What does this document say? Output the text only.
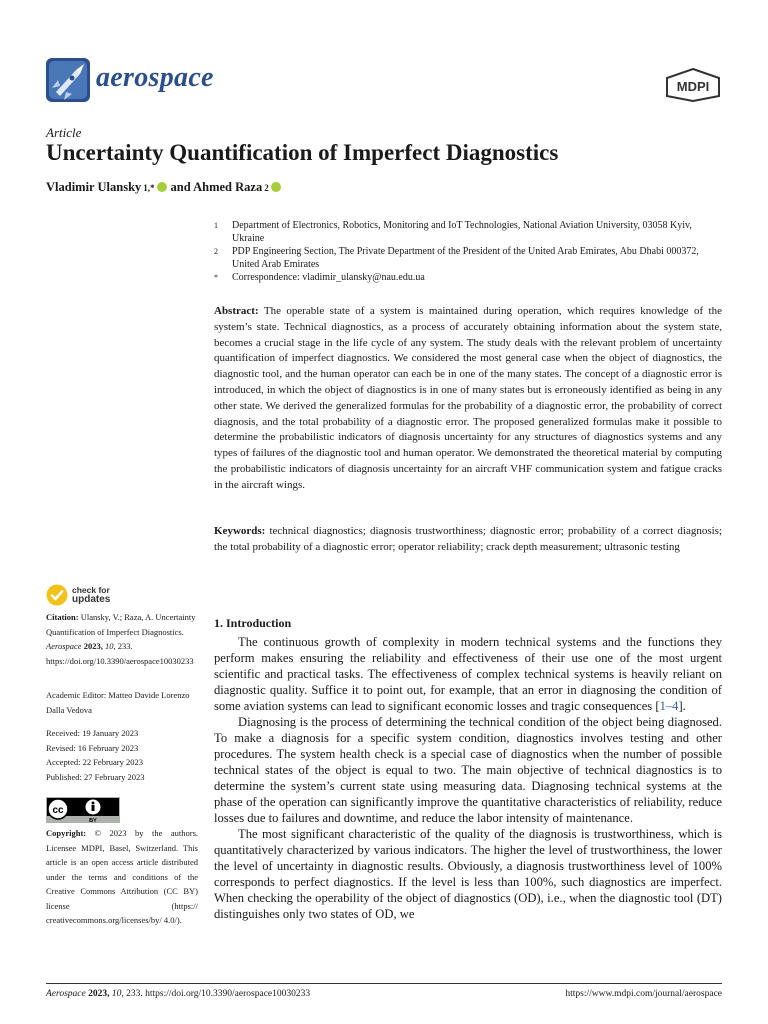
aerospace	MDPI
Article
Uncertainty Quantification of Imperfect Diagnostics
Vladimir Ulansky 1,* and Ahmed Raza 2
1	Department of Electronics, Robotics, Monitoring and IoT Technologies, National Aviation University, 03058 Kyiv, Ukraine
2	PDP Engineering Section, The Private Department of the President of the United Arab Emirates, Abu Dhabi 000372, United Arab Emirates
*	Correspondence: vladimir_ulansky@nau.edu.ua

Abstract: The operable state of a system is maintained during operation, which requires knowledge of the system’s state. Technical diagnostics, as a process of accurately obtaining information about the system state, becomes a crucial stage in the life cycle of any system. The study deals with the relevant problem of uncertainty quantification of imperfect diagnostics. We considered the most general case when the object of diagnostics, the diagnostic tool, and the human operator can each be in one of the many states. The concept of a diagnostic error is introduced, in which the object of diagnostics is in one of many states but is erroneously identified as being in any other state. We derived the generalized formulas for the probability of a diagnostic error, the probability of correct diagnosis, and the total probability of a diagnostic error. The proposed generalized formulas make it possible to determine the probabilistic indicators of diagnosis uncertainty for any structures of diagnostics systems and any types of failures of the diagnostic tool and human operator. We demonstrated the theoretical material by computing the probabilistic indicators of diagnosis uncertainty for an aircraft VHF communication system and fatigue cracks in the aircraft wings.

Keywords: technical diagnostics; diagnosis trustworthiness; diagnostic error; probability of a correct diagnosis; the total probability of a diagnostic error; operator reliability; crack depth measurement; ultrasonic testing

check for
updates
Citation: Ulansky, V.; Raza, A. Uncertainty Quantification of Imperfect Diagnostics. Aerospace 2023, 10, 233. https://doi.org/10.3390/aerospace10030233
Academic Editor: Matteo Davide Lorenzo Dalla Vedova
Received: 19 January 2023
Revised: 16 February 2023
Accepted: 22 February 2023
Published: 27 February 2023
cc
BY
Copyright: © 2023 by the authors. Licensee MDPI, Basel, Switzerland. This article is an open access article distributed under the terms and conditions of the Creative Commons Attribution (CC BY) license (https:// creativecommons.org/licenses/by/ 4.0/).
1. Introduction

The continuous growth of complexity in modern technical systems and the functions they perform makes ensuring the reliability and effectiveness of their use one of the most urgent scientific and practical tasks. The effectiveness of complex technical systems is heavily reliant on diagnostic quality. Suffice it to point out, for example, that an error in diagnosing the condition of some aviation systems can lead to significant economic losses and tragic consequences [1–4].

Diagnosing is the process of determining the technical condition of the object being diagnosed. To make a diagnosis for a specific system condition, diagnostics involves testing and other procedures. The system health check is a special case of diagnostics when the number of possible technical states of the object is equal to two. The main objective of technical diagnostics is to determine the system’s current state using measuring data. Diagnosing technical systems at the phase of the operation can significantly improve the quantitative characteristics of reliability, reduce losses due to failures and downtime, and reduce the labor intensity of maintenance.

The most significant characteristic of the quality of the diagnosis is trustworthiness, which is quantitatively characterized by various indicators. The higher the level of trustworthiness, the lower the level of uncertainty in diagnostic results. Obviously, a diagnosis trustworthiness level of 100% corresponds to perfect diagnostics. If the level is less than 100%, such diagnostics are imperfect. When checking the operability of the object of diagnostics (OD), i.e., when the diagnostic tool (DT) distinguishes only two states of OD, we

Aerospace 2023, 10, 233. https://doi.org/10.3390/aerospace10030233	https://www.mdpi.com/journal/aerospace
